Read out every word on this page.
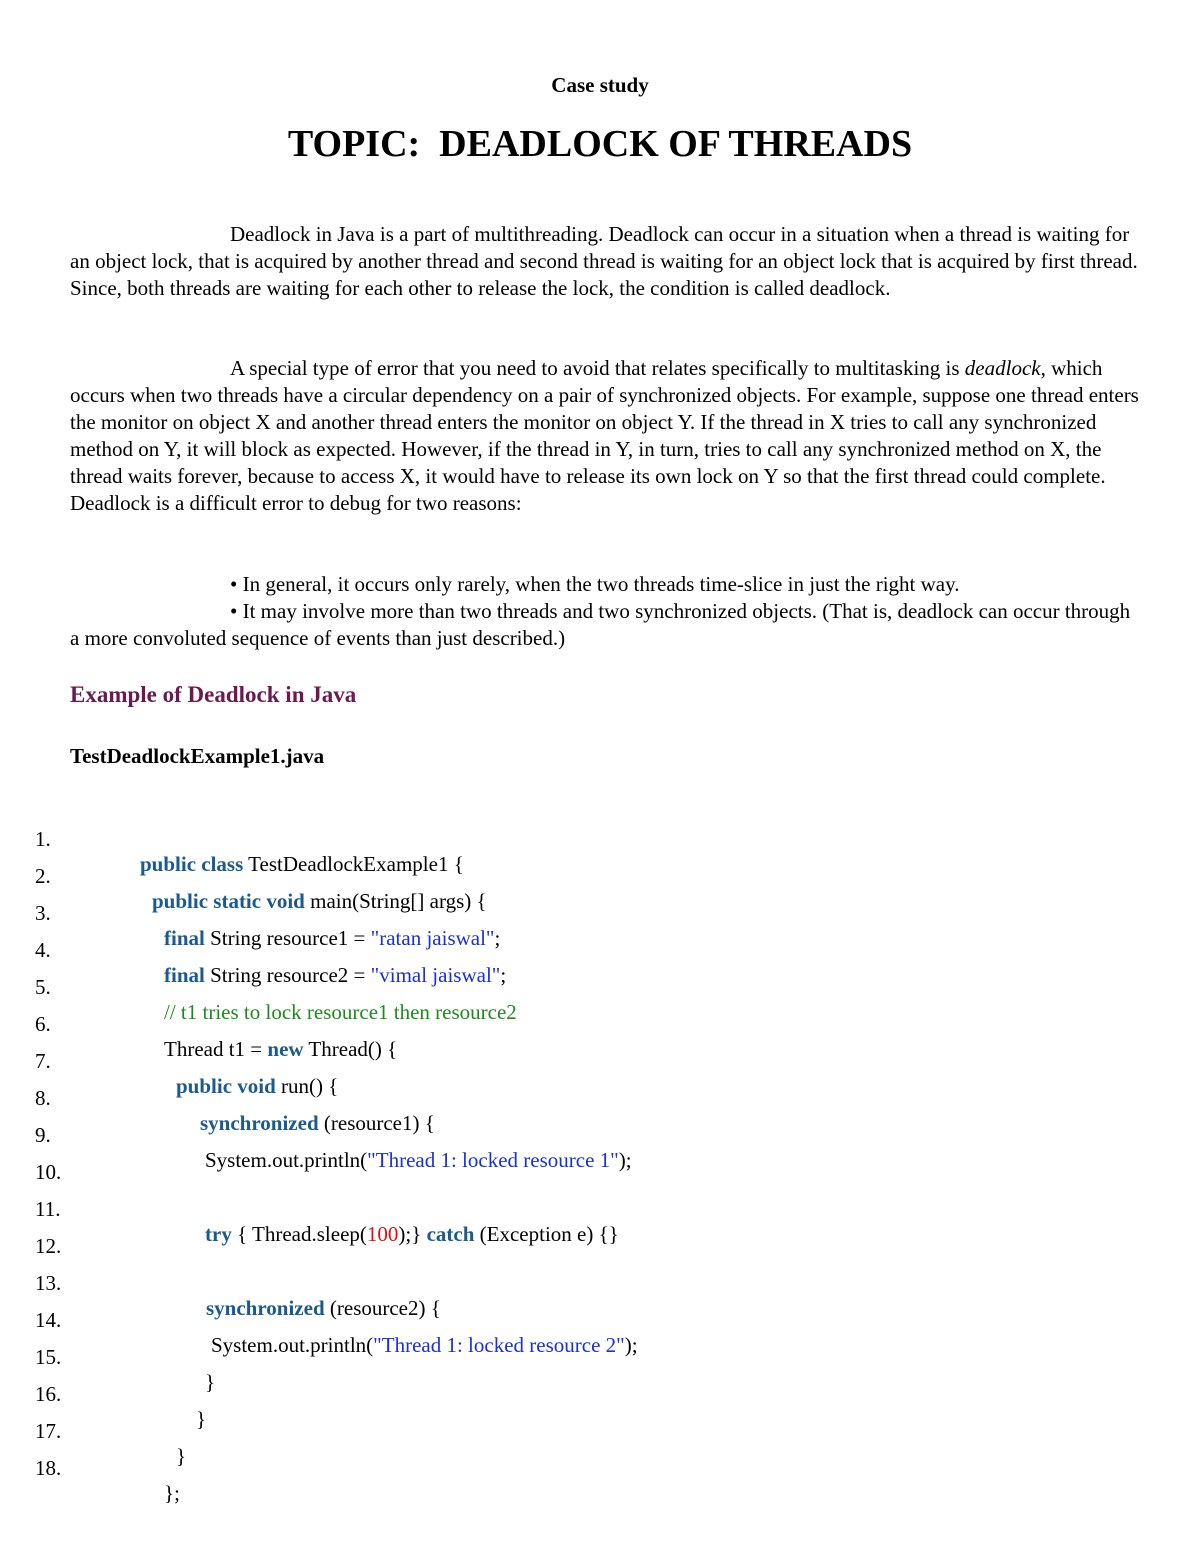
Case study
TOPIC:  DEADLOCK OF THREADS

Deadlock in Java is a part of multithreading. Deadlock can occur in a situation when a thread is waiting for an object lock, that is acquired by another thread and second thread is waiting for an object lock that is acquired by first thread. Since, both threads are waiting for each other to release the lock, the condition is called deadlock.

A special type of error that you need to avoid that relates specifically to multitasking is deadlock, which occurs when two threads have a circular dependency on a pair of synchronized objects. For example, suppose one thread enters the monitor on object X and another thread enters the monitor on object Y. If the thread in X tries to call any synchronized method on Y, it will block as expected. However, if the thread in Y, in turn, tries to call any synchronized method on X, the thread waits forever, because to access X, it would have to release its own lock on Y so that the first thread could complete. Deadlock is a difficult error to debug for two reasons:

• In general, it occurs only rarely, when the two threads time-slice in just the right way.

• It may involve more than two threads and two synchronized objects. (That is, deadlock can occur through a more convoluted sequence of events than just described.)

Example of Deadlock in Java
TestDeadlockExample1.java

1.

public class TestDeadlockExample1 {

2.

public static void main(String[] args) {

3.

final String resource1 = "ratan jaiswal";

4.

final String resource2 = "vimal jaiswal";

5.

// t1 tries to lock resource1 then resource2

6.

Thread t1 = new Thread() {

7.

public void run() {

8.

synchronized (resource1) {

9.

System.out.println("Thread 1: locked resource 1");

10.

11.

try { Thread.sleep(100);} catch (Exception e) {}

12.

13.

synchronized (resource2) {

14.

System.out.println("Thread 1: locked resource 2");

15.

}

16.

}

17.

}

18.

};
